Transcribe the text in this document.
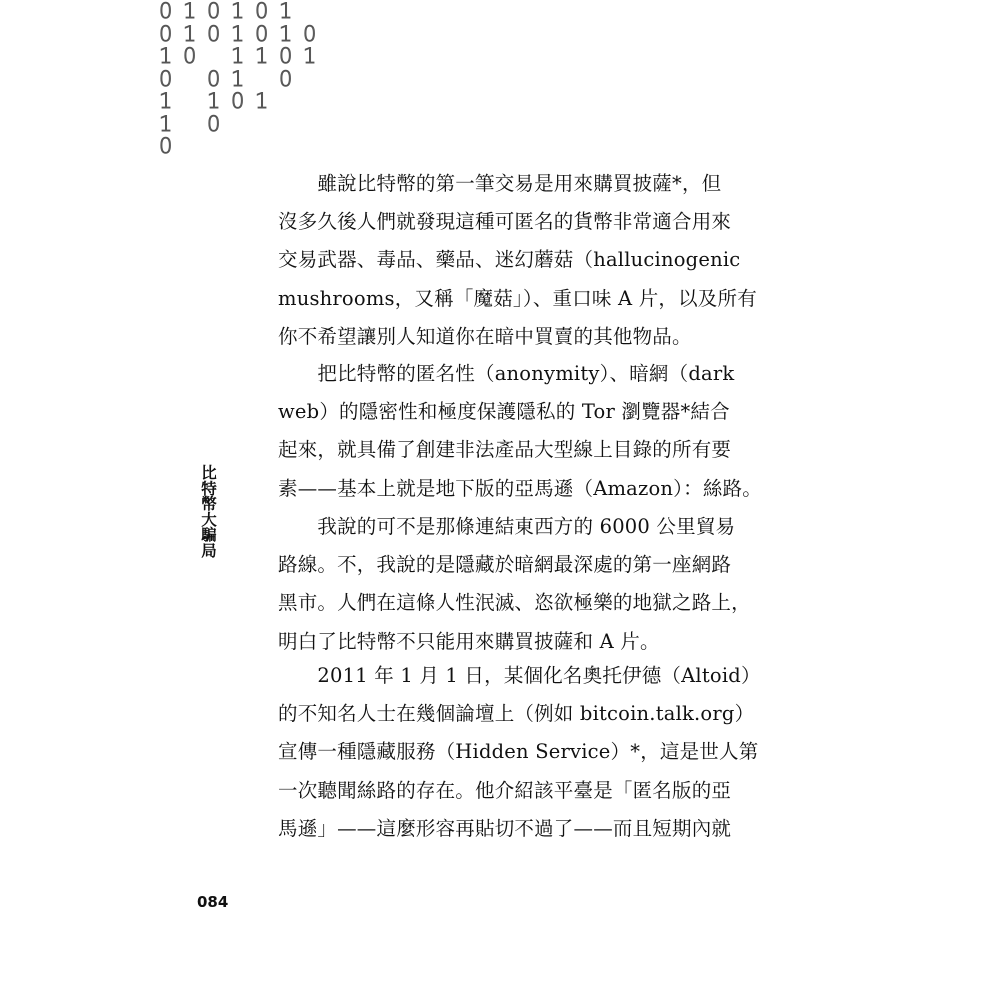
0
0
1
0
1
1
0
1
1
0
0
0
0
1
0
1
1
1
1
0
0
0
1
1
1
1
0
0
0
1
比
特
幣
大
騙
局
　　雖說比特幣的第一筆交易是用來購買披薩*，但
沒多久後人們就發現這種可匿名的貨幣非常適合用來
交易武器、毒品、藥品、迷幻蘑菇（hallucinogenic
mushrooms，又稱「魔菇」）、重口味 A 片，以及所有
你不希望讓別人知道你在暗中買賣的其他物品。
　　把比特幣的匿名性（anonymity）、暗網（dark
web）的隱密性和極度保護隱私的 Tor 瀏覽器*結合
起來，就具備了創建非法產品大型線上目錄的所有要
素——基本上就是地下版的亞馬遜（Amazon）：絲路。
　　我說的可不是那條連結東西方的 6000 公里貿易
路線。不，我說的是隱藏於暗網最深處的第一座網路
黑市。人們在這條人性泯滅、恣欲極樂的地獄之路上，
明白了比特幣不只能用來購買披薩和 A 片。
　　2011 年 1 月 1 日，某個化名奧托伊德（Altoid）
的不知名人士在幾個論壇上（例如 bitcoin.talk.org）
宣傳一種隱藏服務（Hidden Service）*，這是世人第
一次聽聞絲路的存在。他介紹該平臺是「匿名版的亞
馬遜」——這麼形容再貼切不過了——而且短期內就
084
